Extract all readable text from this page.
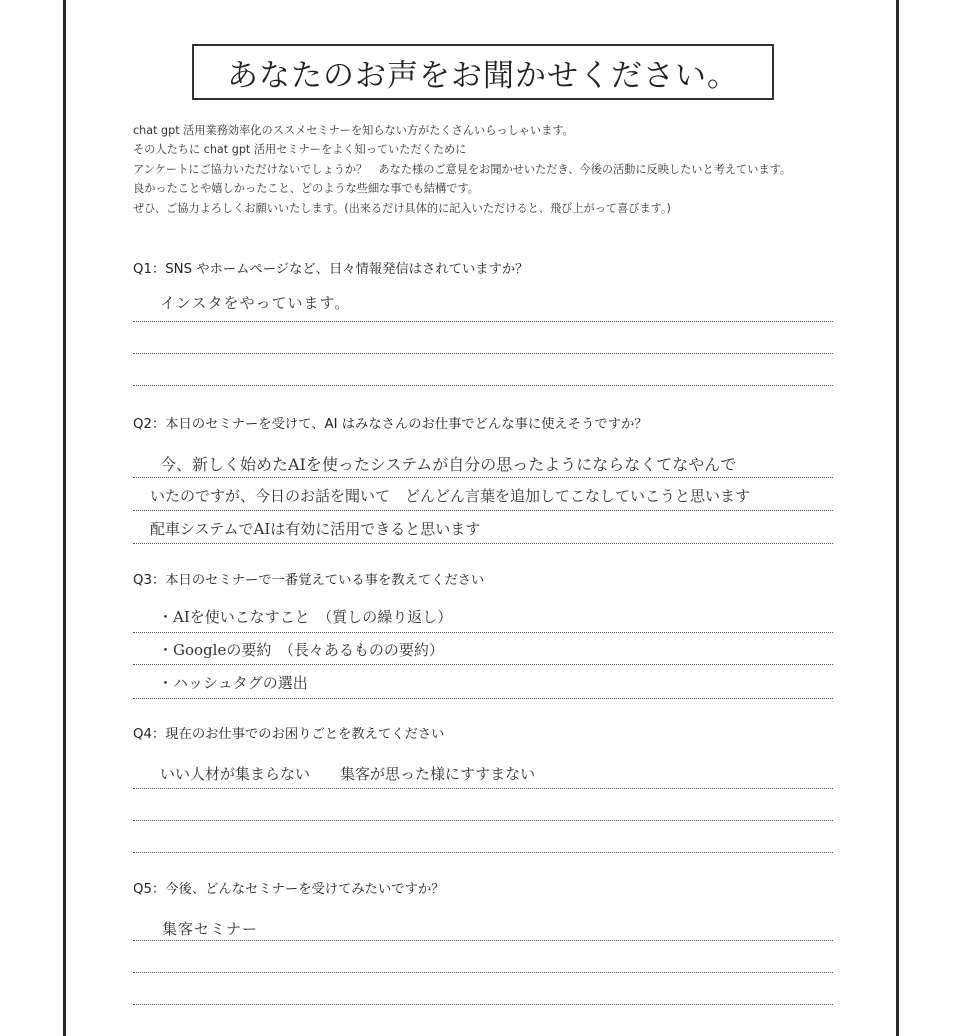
あなたのお声をお聞かせください。
chat gpt 活用業務効率化のススメセミナーを知らない方がたくさんいらっしゃいます。
その人たちに chat gpt 活用セミナーをよく知っていただくために
アンケートにご協力いただけないでしょうか？　あなた様のご意見をお聞かせいただき、今後の活動に反映したいと考えています。
良かったことや嬉しかったこと、どのような些細な事でも結構です。
ぜひ、ご協力よろしくお願いいたします。(出来るだけ具体的に記入いただけると、飛び上がって喜びます。)
Q1：SNS やホームページなど、日々情報発信はされていますか？
インスタをやっています。
Q2：本日のセミナーを受けて、AI はみなさんのお仕事でどんな事に使えそうですか？
今、新しく始めたAIを使ったシステムが自分の思ったようにならなくてなやんで
いたのですが、今日のお話を聞いて　どんどん言葉を追加してこなしていこうと思います
配車システムでAIは有効に活用できると思います
Q3：本日のセミナーで一番覚えている事を教えてください
・AIを使いこなすこと　（質しの繰り返し）
・Googleの要約　（長々あるものの要約）
・ハッシュタグの選出
Q4：現在のお仕事でのお困りごとを教えてください
いい人材が集まらない　　集客が思った様にすすまない
Q5：今後、どんなセミナーを受けてみたいですか？
集客セミナー
